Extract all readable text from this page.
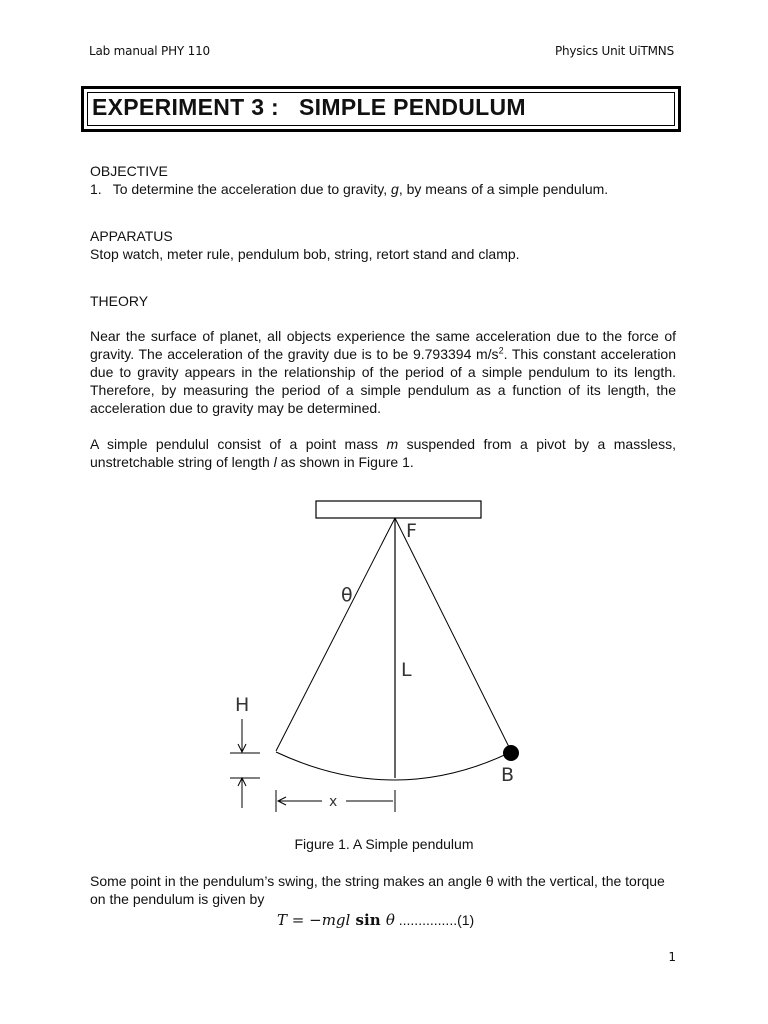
Lab manual PHY 110	Physics Unit UiTMNS
EXPERIMENT 3 :   SIMPLE PENDULUM
OBJECTIVE
1. To determine the acceleration due to gravity, g, by means of a simple pendulum.
APPARATUS
Stop watch, meter rule, pendulum bob, string, retort stand and clamp.
THEORY
Near the surface of planet, all objects experience the same acceleration due to the force of
gravity. The acceleration of the gravity due is to be 9.793394 $m/s^2$. This constant acceleration
due to gravity appears in the relationship of the period of a simple pendulum to its length.
Therefore, by measuring the period of a simple pendulum as a function of its length, the
acceleration due to gravity may be determined.
A simple pendulul consist of a point mass m suspended from a pivot by a massless,
unstretchable string of length l as shown in Figure 1.
F
θ
L
H
B
x
Figure 1. A Simple pendulum
Some point in the pendulum’s swing, the string makes an angle θ with the vertical, the torque
on the pendulum is given by
T = −mgl sin θ ...............(1)
1
